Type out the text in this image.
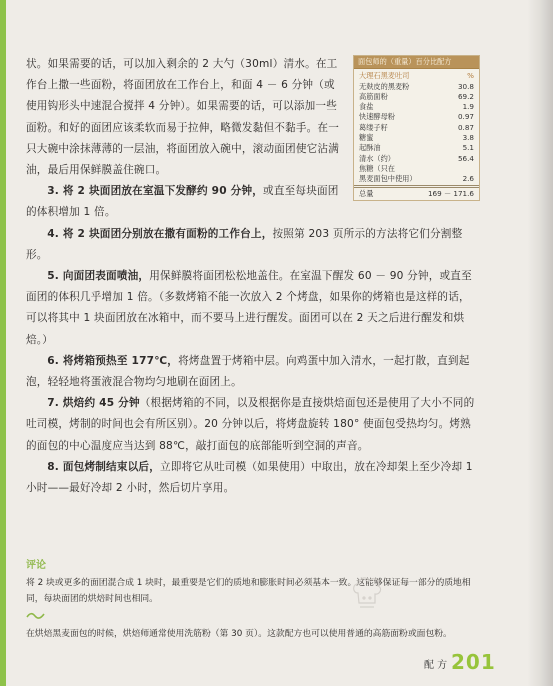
面包师的（重量）百分比配方
大理石黑麦吐司	%
无麸皮的黑麦粉	30.8
高筋面粉	69.2
食盐	1.9
快速酵母粉	0.97
葛缕子籽	0.87
糖蜜	3.8
起酥油	5.1
清水（约）	56.4
焦糖（只在
黑麦面包中使用）	2.6
总量	169 － 171.6

状。如果需要的话，可以加入剩余的 2 大勺（30ml）清水。在工作台上撒一些面粉，将面团放在工作台上，和面 4 － 6 分钟（或使用钩形头中速混合搅拌 4 分钟）。如果需要的话，可以添加一些面粉。和好的面团应该柔软而易于拉伸，略微发黏但不黏手。在一只大碗中涂抹薄薄的一层油，将面团放入碗中，滚动面团使它沾满油，最后用保鲜膜盖住碗口。

3. 将 2 块面团放在室温下发酵约 90 分钟，或直至每块面团的体积增加 1 倍。

4. 将 2 块面团分别放在撒有面粉的工作台上，按照第 203 页所示的方法将它们分割整形。

5. 向面团表面喷油，用保鲜膜将面团松松地盖住。在室温下醒发 60 － 90 分钟，或直至面团的体积几乎增加 1 倍。（多数烤箱不能一次放入 2 个烤盘，如果你的烤箱也是这样的话，可以将其中 1 块面团放在冰箱中，而不要马上进行醒发。面团可以在 2 天之后进行醒发和烘焙。）

6. 将烤箱预热至 177℃，将烤盘置于烤箱中层。向鸡蛋中加入清水，一起打散，直到起泡，轻轻地将蛋液混合物均匀地刷在面团上。

7. 烘焙约 45 分钟（根据烤箱的不同，以及根据你是直接烘焙面包还是使用了大小不同的吐司模，烤制的时间也会有所区别）。20 分钟以后，将烤盘旋转 180° 使面包受热均匀。烤熟的面包的中心温度应当达到 88℃，敲打面包的底部能听到空洞的声音。

8. 面包烤制结束以后，立即将它从吐司模（如果使用）中取出，放在冷却架上至少冷却 1 小时——最好冷却 2 小时，然后切片享用。

评论

将 2 块或更多的面团混合成 1 块时，最重要是它们的质地和膨胀时间必须基本一致。这能够保证每一部分的质地相同，每块面团的烘焙时间也相同。

在烘焙黑麦面包的时候，烘焙师通常使用洗筋粉（第 30 页）。这款配方也可以使用普通的高筋面粉或面包粉。

配 方 201
